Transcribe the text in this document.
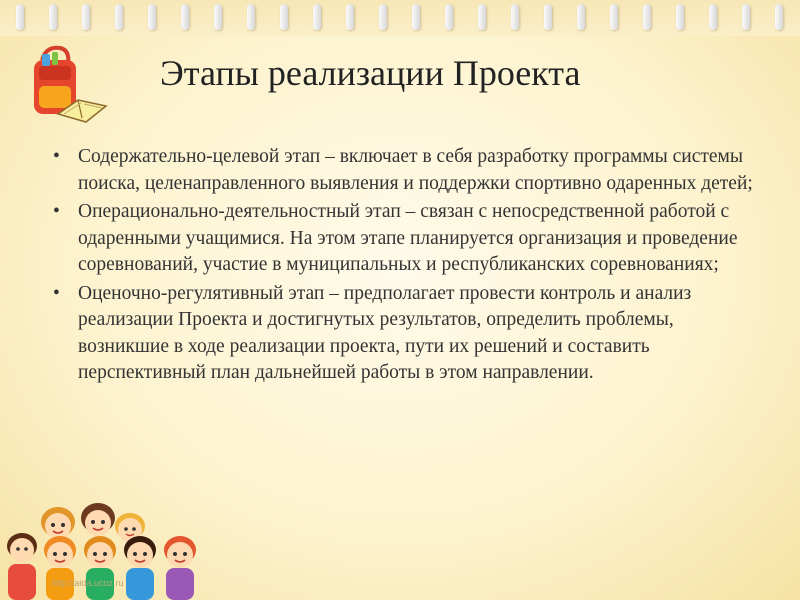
Этапы реализации Проекта
• Содержательно-целевой этап – включает в себя разработку программы системы поиска, целенаправленного выявления и поддержки спортивно одаренных детей;
• Операционально-деятельностный этап – связан с непосредственной работой с одаренными учащимися. На этом этапе планируется организация и проведение соревнований, участие в муниципальных и республиканских соревнованиях;
• Оценочно-регулятивный этап – предполагает провести контроль и анализ реализации Проекта и достигнутых результатов, определить проблемы, возникшие в ходе реализации проекта, пути их решений и составить перспективный план дальнейшей работы в этом направлении.
http://aida.ucoz.ru
